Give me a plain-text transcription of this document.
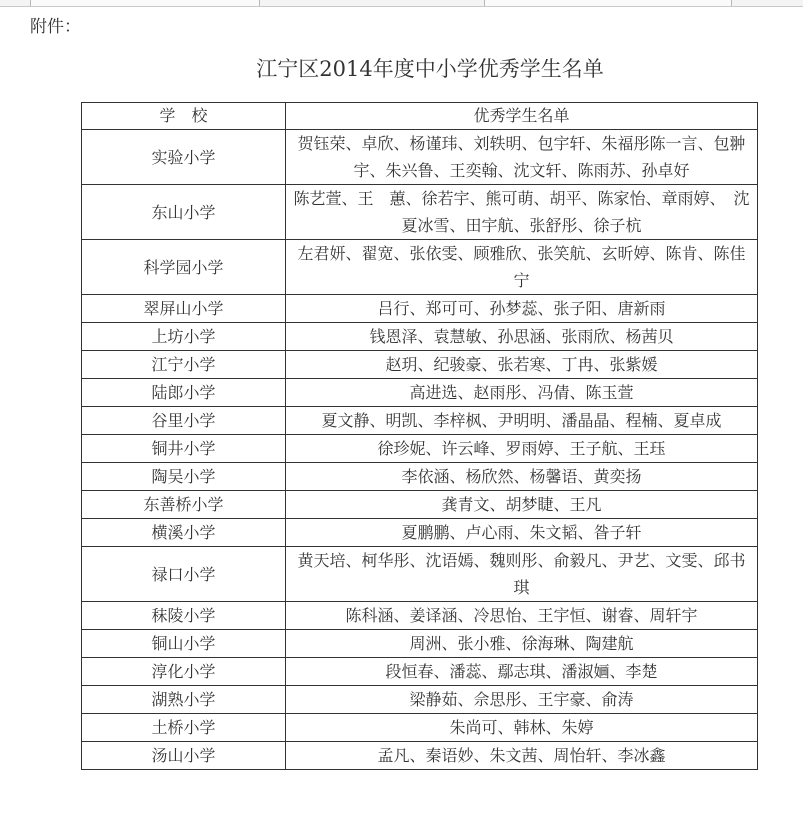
附件：
江宁区2014年度中小学优秀学生名单
学　校	优秀学生名单
实验小学	贺钰荣、卓欣、杨谨玮、刘轶明、包宇轩、朱福彤陈一言、包翀宇、朱兴鲁、王奕翰、沈文轩、陈雨苏、孙卓好
东山小学	陈艺萱、王　蕙、徐若宇、熊可萌、胡平、陈家怡、章雨婷、　沈夏冰雪、田宇航、张舒彤、徐子杭
科学园小学	左君妍、翟宽、张依雯、顾雅欣、张笑航、玄昕婷、陈肯、陈佳宁
翠屏山小学	吕行、郑可可、孙梦蕊、张子阳、唐新雨
上坊小学	钱恩泽、袁慧敏、孙思涵、张雨欣、杨茜贝
江宁小学	赵玥、纪骏豪、张若寒、丁冉、张紫媛
陆郎小学	高进选、赵雨彤、冯倩、陈玉萱
谷里小学	夏文静、明凯、李梓枫、尹明明、潘晶晶、程楠、夏卓成
铜井小学	徐珍妮、许云峰、罗雨婷、王子航、王珏
陶吴小学	李依涵、杨欣然、杨馨语、黄奕扬
东善桥小学	龚青文、胡梦睫、王凡
横溪小学	夏鹏鹏、卢心雨、朱文韬、昝子轩
禄口小学	黄天培、柯华彤、沈语嫣、魏则彤、俞毅凡、尹艺、文雯、邱书琪
秣陵小学	陈科涵、姜译涵、冷思怡、王宇恒、谢睿、周轩宇
铜山小学	周洲、张小雅、徐海琳、陶建航
淳化小学	段恒春、潘蕊、鄢志琪、潘淑婳、李楚
湖熟小学	梁静茹、佘思彤、王宇豪、俞涛
土桥小学	朱尚可、韩林、朱婷
汤山小学	孟凡、秦语妙、朱文茜、周怡轩、李冰鑫
